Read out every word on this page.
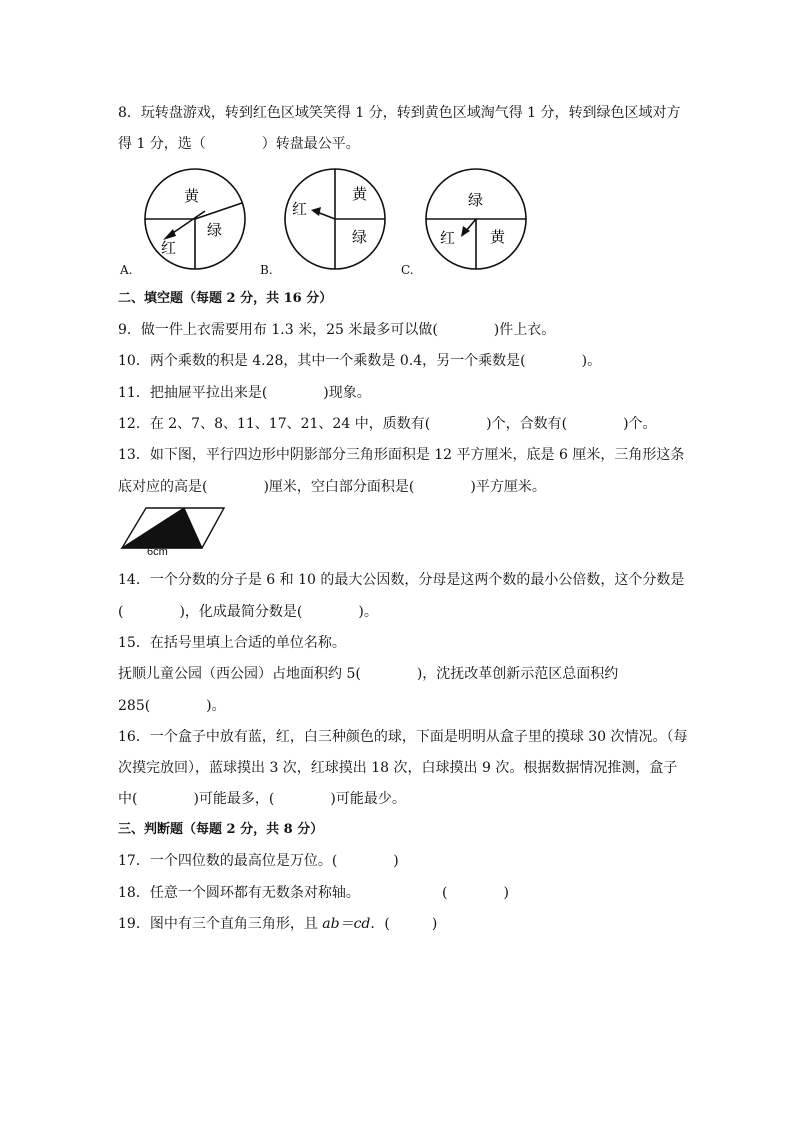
8．玩转盘游戏，转到红色区域笑笑得 1 分，转到黄色区域淘气得 1 分，转到绿色区域对方
得 1 分，选（　　　　）转盘最公平。
黄
绿
红
A.
红
黄
绿
B.
绿
红 黄
C.
二、填空题（每题 2 分，共 16 分）
9．做一件上衣需要用布 1.3 米，25 米最多可以做(　　　　)件上衣。
10．两个乘数的积是 4.28，其中一个乘数是 0.4，另一个乘数是(　　　　)。
11．把抽屉平拉出来是(　　　　)现象。
12．在 2、7、8、11、17、21、24 中，质数有(　　　　)个，合数有(　　　　)个。
13．如下图，平行四边形中阴影部分三角形面积是 12 平方厘米，底是 6 厘米，三角形这条
底对应的高是(　　　　)厘米，空白部分面积是(　　　　)平方厘米。
6cm
14．一个分数的分子是 6 和 10 的最大公因数，分母是这两个数的最小公倍数，这个分数是
(　　　　)，化成最简分数是(　　　　)。
15．在括号里填上合适的单位名称。
抚顺儿童公园（西公园）占地面积约 5(　　　　)，沈抚改革创新示范区总面积约
285(　　　　)。
16．一个盒子中放有蓝，红，白三种颜色的球，下面是明明从盒子里的摸球 30 次情况。（每
次摸完放回），蓝球摸出 3 次，红球摸出 18 次，白球摸出 9 次。根据数据情况推测，盒子
中(　　　　)可能最多，(　　　　)可能最少。
三、判断题（每题 2 分，共 8 分）
17．一个四位数的最高位是万位。(　　　　)
18．任意一个圆环都有无数条对称轴。	(　　　　)
19．图中有三个直角三角形，且 ab＝cd．(　　　)
